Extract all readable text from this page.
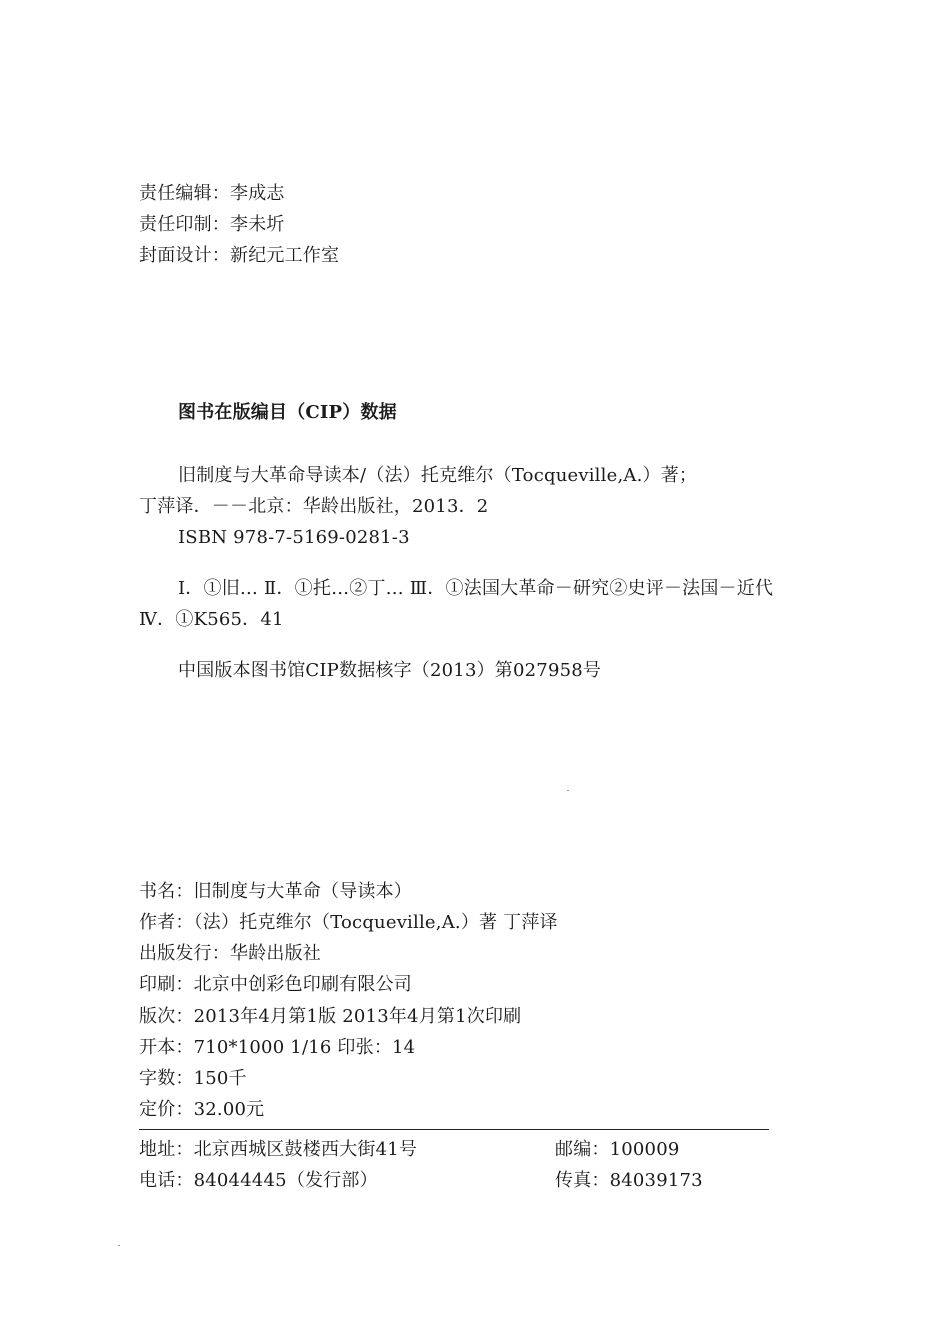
责任编辑：李成志
责任印制：李未圻
封面设计：新纪元工作室
图书在版编目（CIP）数据
旧制度与大革命导读本/（法）托克维尔（Tocqueville,A.）著；
丁萍译．－－北京：华龄出版社，2013．2
ISBN 978-7-5169-0281-3
Ⅰ．①旧… Ⅱ．①托…②丁… Ⅲ．①法国大革命－研究②史评－法国－近代
Ⅳ．①K565．41
中国版本图书馆CIP数据核字（2013）第027958号
书名：旧制度与大革命（导读本）
作者：（法）托克维尔（Tocqueville,A.）著 丁萍译
出版发行：华龄出版社
印刷：北京中创彩色印刷有限公司
版次：2013年4月第1版 2013年4月第1次印刷
开本：710*1000 1/16 印张：14
字数：150千
定价：32.00元
地址：北京西城区鼓楼西大街41号	邮编：100009
电话：84044445（发行部）	传真：84039173
